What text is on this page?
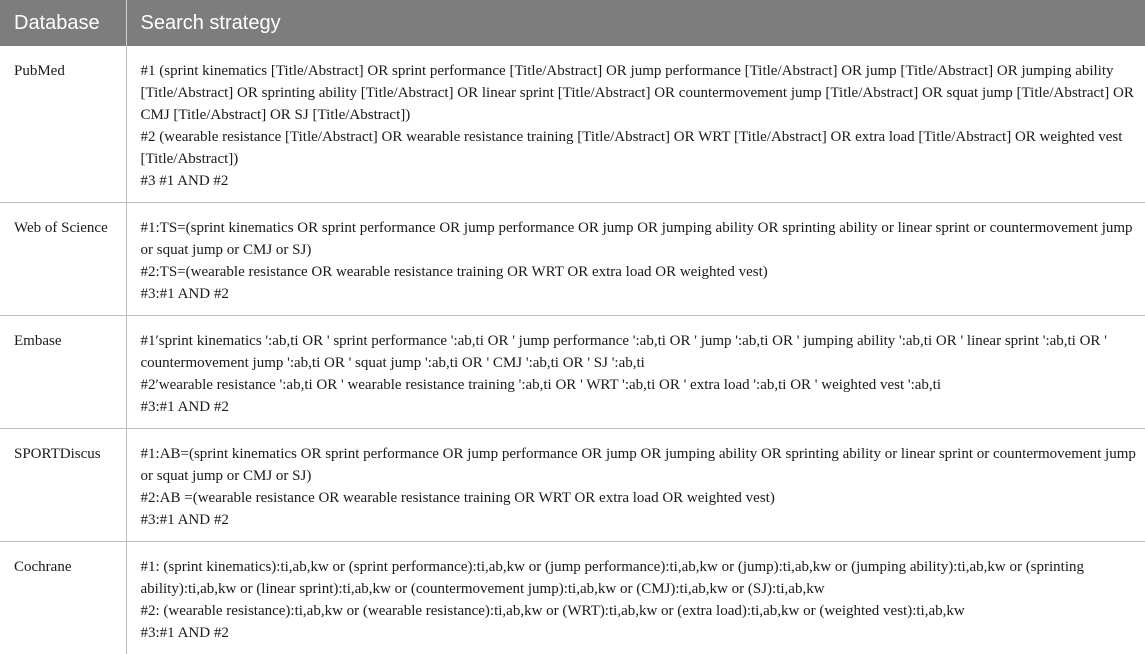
Database	Search strategy
PubMed	#1 (sprint kinematics [Title/Abstract] OR sprint performance [Title/Abstract] OR jump performance [Title/Abstract] OR jump [Title/Abstract] OR jumping ability [Title/Abstract] OR sprinting ability [Title/Abstract] OR linear sprint [Title/Abstract] OR countermovement jump [Title/Abstract] OR squat jump [Title/Abstract] OR CMJ [Title/Abstract] OR SJ [Title/Abstract])
#2 (wearable resistance [Title/Abstract] OR wearable resistance training [Title/Abstract] OR WRT [Title/Abstract] OR extra load [Title/Abstract] OR weighted vest [Title/Abstract])
#3 #1 AND #2

Web of Science	#1:TS=(sprint kinematics OR sprint performance OR jump performance OR jump OR jumping ability OR sprinting ability or linear sprint or countermovement jump or squat jump or CMJ or SJ)
#2:TS=(wearable resistance OR wearable resistance training OR WRT OR extra load OR weighted vest)
#3:#1 AND #2

Embase	#1′sprint kinematics ':ab,ti OR ' sprint performance ':ab,ti OR ' jump performance ':ab,ti OR ' jump ':ab,ti OR ' jumping ability ':ab,ti OR ' linear sprint ':ab,ti OR ' countermovement jump ':ab,ti OR ' squat jump ':ab,ti OR ' CMJ ':ab,ti OR ' SJ ':ab,ti
#2′wearable resistance ':ab,ti OR ' wearable resistance training ':ab,ti OR ' WRT ':ab,ti OR ' extra load ':ab,ti OR ' weighted vest ':ab,ti
#3:#1 AND #2

SPORTDiscus	#1:AB=(sprint kinematics OR sprint performance OR jump performance OR jump OR jumping ability OR sprinting ability or linear sprint or countermovement jump or squat jump or CMJ or SJ)
#2:AB =(wearable resistance OR wearable resistance training OR WRT OR extra load OR weighted vest)
#3:#1 AND #2

Cochrane	#1: (sprint kinematics):ti,ab,kw or (sprint performance):ti,ab,kw or (jump performance):ti,ab,kw or (jump):ti,ab,kw or (jumping ability):ti,ab,kw or (sprinting ability):ti,ab,kw or (linear sprint):ti,ab,kw or (countermovement jump):ti,ab,kw or (CMJ):ti,ab,kw or (SJ):ti,ab,kw
#2: (wearable resistance):ti,ab,kw or (wearable resistance):ti,ab,kw or (WRT):ti,ab,kw or (extra load):ti,ab,kw or (weighted vest):ti,ab,kw
#3:#1 AND #2
